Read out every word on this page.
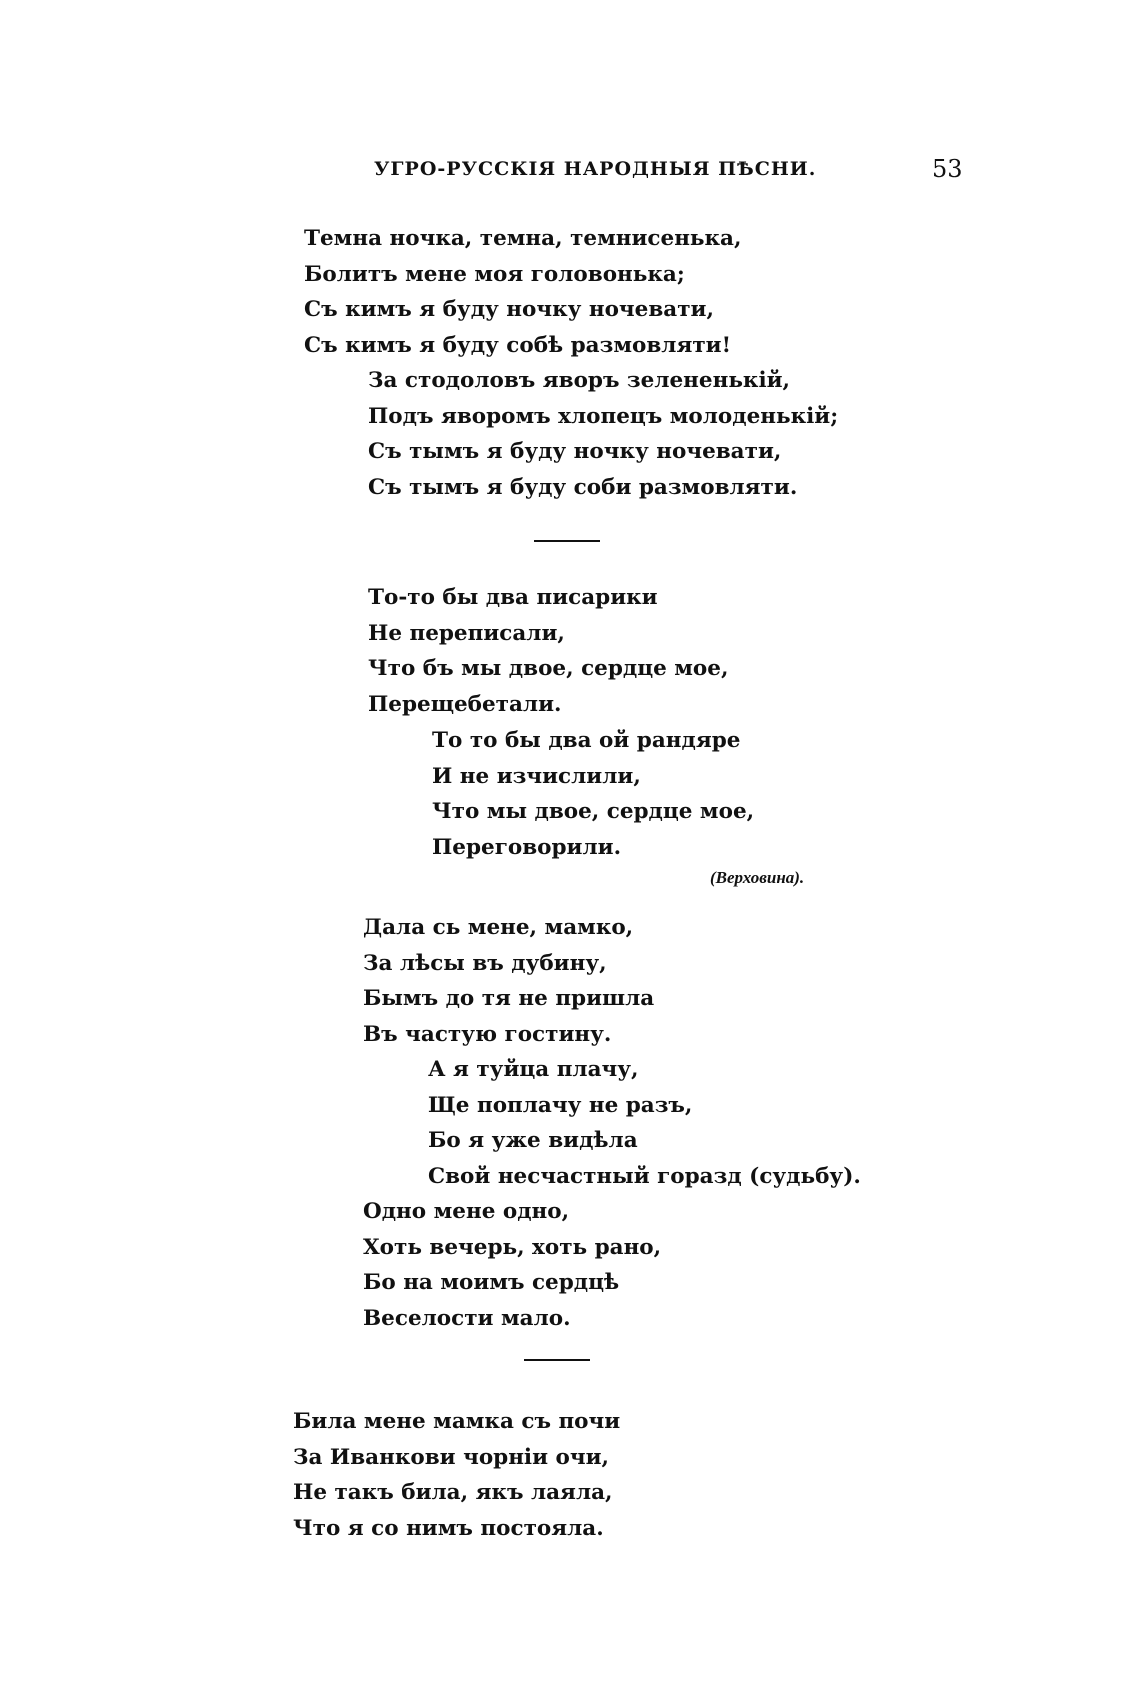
УГРО-РУССКІЯ НАРОДНЫЯ ПѢСНИ.	53
Темна ночка, темна, темнисенька,
Болитъ мене моя головонька;
Съ кимъ я буду ночку ночевати,
Съ кимъ я буду собѣ размовляти!
За стодоловъ яворъ зелененькій,
Подъ яворомъ хлопецъ молоденькій;
Съ тымъ я буду ночку ночевати,
Съ тымъ я буду соби размовляти.
То-то бы два писарики
Не переписали,
Что бъ мы двое, сердце мое,
Перещебетали.
То то бы два ой рандяре
И не изчислили,
Что мы двое, сердце мое,
Переговорили.
(Верховина).
Дала сь мене, мамко,
За лѣсы въ дубину,
Бымъ до тя не пришла
Въ частую гостину.
А я туйца плачу,
Ще поплачу не разъ,
Бо я уже видѣла
Свой несчастный горазд (судьбу).
Одно мене одно,
Хоть вечерь, хоть рано,
Бо на моимъ сердцѣ
Веселости мало.
Била мене мамка съ почи
За Иванкови чорніи очи,
Не такъ била, якъ лаяла,
Что я со нимъ постояла.
